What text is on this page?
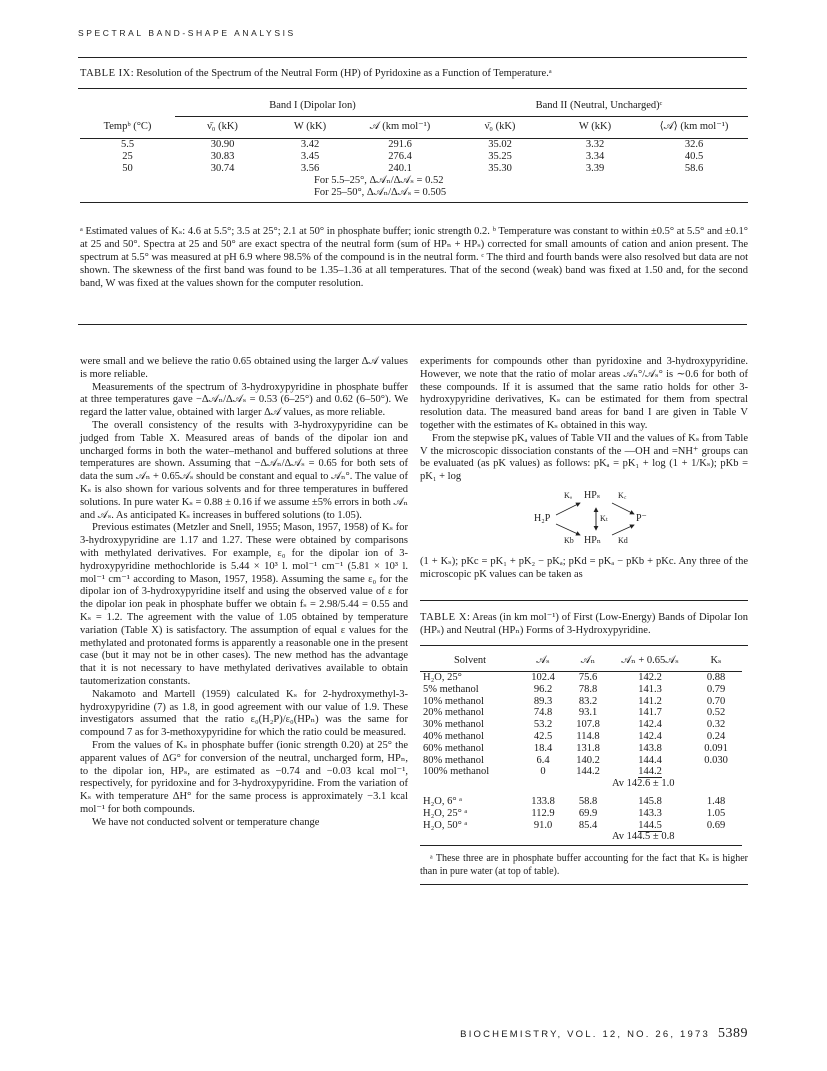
SPECTRAL BAND-SHAPE ANALYSIS
TABLE IX: Resolution of the Spectrum of the Neutral Form (HP) of Pyridoxine as a Function of Temperature.ᵃ
	Band I (Dipolar Ion)			Band II (Neutral, Uncharged)ᶜ		
Tempᵇ (°C)	ν̄₀ (kK)	W (kK)	𝒜 (km mol⁻¹)	ν̄₀ (kK)	W (kK)	⟨𝒜⟩ (km mol⁻¹)
5.5	30.90	3.42	291.6	35.02	3.32	32.6
25	30.83	3.45	276.4	35.25	3.34	40.5
50	30.74	3.56	240.1	35.30	3.39	58.6
		For 5.5–25°, Δ𝒜ₙ/Δ𝒜ₛ = 0.52				
		For 25–50°, Δ𝒜ₙ/Δ𝒜ₛ = 0.505				
ᵃ Estimated values of Kₛ: 4.6 at 5.5°; 3.5 at 25°; 2.1 at 50° in phosphate buffer; ionic strength 0.2. ᵇ Temperature was constant to within ±0.5° at 5.5° and ±0.1° at 25 and 50°. Spectra at 25 and 50° are exact spectra of the neutral form (sum of HPₙ + HPₛ) corrected for small amounts of cation and anion present. The spectrum at 5.5° was measured at pH 6.9 where 98.5% of the compound is in the neutral form. ᶜ The third and fourth bands were also resolved but data are not shown. The skewness of the first band was found to be 1.35–1.36 at all temperatures. That of the second (weak) band was fixed at 1.50 and, for the second band, W was fixed at the values shown for the computer resolution.

were small and we believe the ratio 0.65 obtained using the larger Δ𝒜 values is more reliable.

Measurements of the spectrum of 3-hydroxypyridine in phosphate buffer at three temperatures gave −Δ𝒜ₙ/Δ𝒜ₛ = 0.53 (6–25°) and 0.62 (6–50°). We regard the latter value, obtained with larger Δ𝒜 values, as more reliable.

The overall consistency of the results with 3-hydroxypyridine can be judged from Table X. Measured areas of bands of the dipolar ion and uncharged forms in both the water–methanol and buffered solutions at three temperatures are shown. Assuming that −Δ𝒜ₙ/Δ𝒜ₛ = 0.65 for both sets of data the sum 𝒜ₙ + 0.65𝒜ₛ should be constant and equal to 𝒜ₙ°. The value of Kₛ is also shown for various solvents and for three temperatures in buffered solutions. In pure water Kₛ = 0.88 ± 0.16 if we assume ±5% errors in both 𝒜ₙ and 𝒜ₛ. As anticipated Kₛ increases in buffered solutions (to 1.05).

Previous estimates (Metzler and Snell, 1955; Mason, 1957, 1958) of Kₛ for 3-hydroxypyridine are 1.17 and 1.27. These were obtained by comparisons with methylated derivatives. For example, ε₀ for the dipolar ion of 3-hydroxypyridine methochloride is 5.44 × 10³ l. mol⁻¹ cm⁻¹ (5.81 × 10³ l. mol⁻¹ cm⁻¹ according to Mason, 1957, 1958). Assuming the same ε₀ for the dipolar ion of 3-hydroxypyridine itself and using the observed value of ε for the dipolar ion peak in phosphate buffer we obtain fₛ = 2.98/5.44 = 0.55 and Kₛ = 1.2. The agreement with the value of 1.05 obtained by temperature variation (Table X) is satisfactory. The assumption of equal ε values for the methylated and protonated forms is apparently a reasonable one in the present case (but it may not be in other cases). The new method has the advantage that it is not necessary to have methylated derivatives available to obtain tautomerization constants.

Nakamoto and Martell (1959) calculated Kₛ for 2-hydroxymethyl-3-hydroxypyridine (7) as 1.8, in good agreement with our value of 1.9. These investigators assumed that the ratio ε₀(H₂P)/ε₀(HPₙ) was the same for compound 7 as for 3-methoxypyridine for which the ratio could be measured.

From the values of Kₛ in phosphate buffer (ionic strength 0.20) at 25° the apparent values of ΔG° for conversion of the neutral, uncharged form, HPₙ, to the dipolar ion, HPₛ, are estimated as −0.74 and −0.03 kcal mol⁻¹, respectively, for pyridoxine and for 3-hydroxypyridine. From the variation of Kₛ with temperature ΔH° for the same process is approximately −3.1 kcal mol⁻¹ for both compounds.

We have not conducted solvent or temperature change

experiments for compounds other than pyridoxine and 3-hydroxypyridine. However, we note that the ratio of molar areas 𝒜ₙ°/𝒜ₛ° is ∼0.6 for both of these compounds. If it is assumed that the same ratio holds for other 3-hydroxypyridine derivatives, Kₛ can be estimated for them from spectral resolution data. The measured band areas for band I are given in Table V together with the estimates of Kₛ obtained in this way.

From the stepwise pKₐ values of Table VII and the values of Kₛ from Table V the microscopic dissociation constants of the —OH and =NH⁺ groups can be evaluated (as pK values) as follows: pKₐ = pK₁ + log (1 + 1/Kₛ); pKb = pK₁ + log

Kₐ HPₛ K꜀
H₂P	Kₜ	P⁻
Kb HPₙ Kd

(1 + Kₛ); pKc = pK₁ + pK₂ − pKₐ; pKd = pKₐ − pKb + pKc. Any three of the microscopic pK values can be taken as

TABLE X: Areas (in km mol⁻¹) of First (Low-Energy) Bands of Dipolar Ion (HPₛ) and Neutral (HPₙ) Forms of 3-Hydroxypyridine.
Solvent	𝒜ₛ	𝒜ₙ	𝒜ₙ + 0.65𝒜ₛ	Kₛ
H₂O, 25°	102.4	75.6	142.2	0.88
5% methanol	96.2	78.8	141.3	0.79
10% methanol	89.3	83.2	141.2	0.70
20% methanol	74.8	93.1	141.7	0.52
30% methanol	53.2	107.8	142.4	0.32
40% methanol	42.5	114.8	142.4	0.24
60% methanol	18.4	131.8	143.8	0.091
80% methanol	6.4	140.2	144.4	0.030
100% methanol	0	144.2	144.2	
			Av 142.6 ± 1.0	

H₂O, 6° ᵃ	133.8	58.8	145.8	1.48
H₂O, 25° ᵃ	112.9	69.9	143.3	1.05
H₂O, 50° ᵃ	91.0	85.4	144.5	0.69
			Av 144.5 ± 0.8	
ᵃ These three are in phosphate buffer accounting for the fact that Kₛ is higher than in pure water (at top of table).
BIOCHEMISTRY, VOL. 12, NO. 26, 1973 5389
